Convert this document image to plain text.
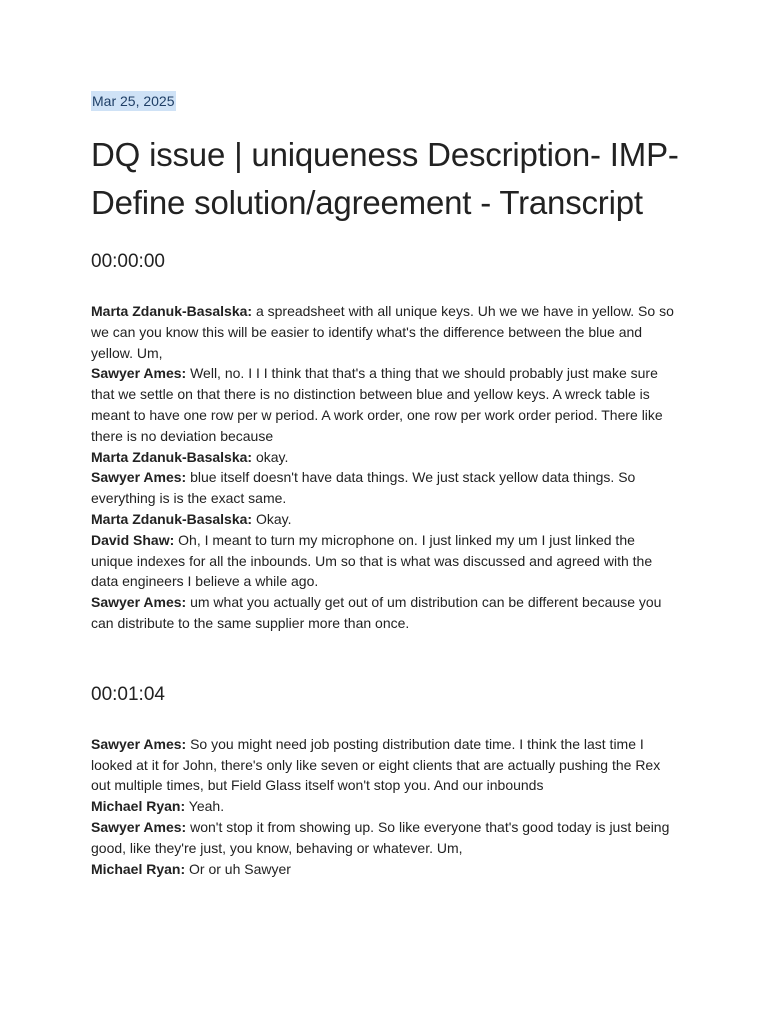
Mar 25, 2025
DQ issue | uniqueness Description- IMP- Define solution/agreement - Transcript
00:00:00

Marta Zdanuk-Basalska: a spreadsheet with all unique keys. Uh we we have in yellow. So so we can you know this will be easier to identify what's the difference between the blue and yellow. Um,

Sawyer Ames: Well, no. I I I think that that's a thing that we should probably just make sure that we settle on that there is no distinction between blue and yellow keys. A wreck table is meant to have one row per w period. A work order, one row per work order period. There like there is no deviation because

Marta Zdanuk-Basalska: okay.

Sawyer Ames: blue itself doesn't have data things. We just stack yellow data things. So everything is is the exact same.

Marta Zdanuk-Basalska: Okay.

David Shaw: Oh, I meant to turn my microphone on. I just linked my um I just linked the unique indexes for all the inbounds. Um so that is what was discussed and agreed with the data engineers I believe a while ago.

Sawyer Ames: um what you actually get out of um distribution can be different because you can distribute to the same supplier more than once.

00:01:04

Sawyer Ames: So you might need job posting distribution date time. I think the last time I looked at it for John, there's only like seven or eight clients that are actually pushing the Rex out multiple times, but Field Glass itself won't stop you. And our inbounds

Michael Ryan: Yeah.

Sawyer Ames: won't stop it from showing up. So like everyone that's good today is just being good, like they're just, you know, behaving or whatever. Um,

Michael Ryan: Or or uh Sawyer
